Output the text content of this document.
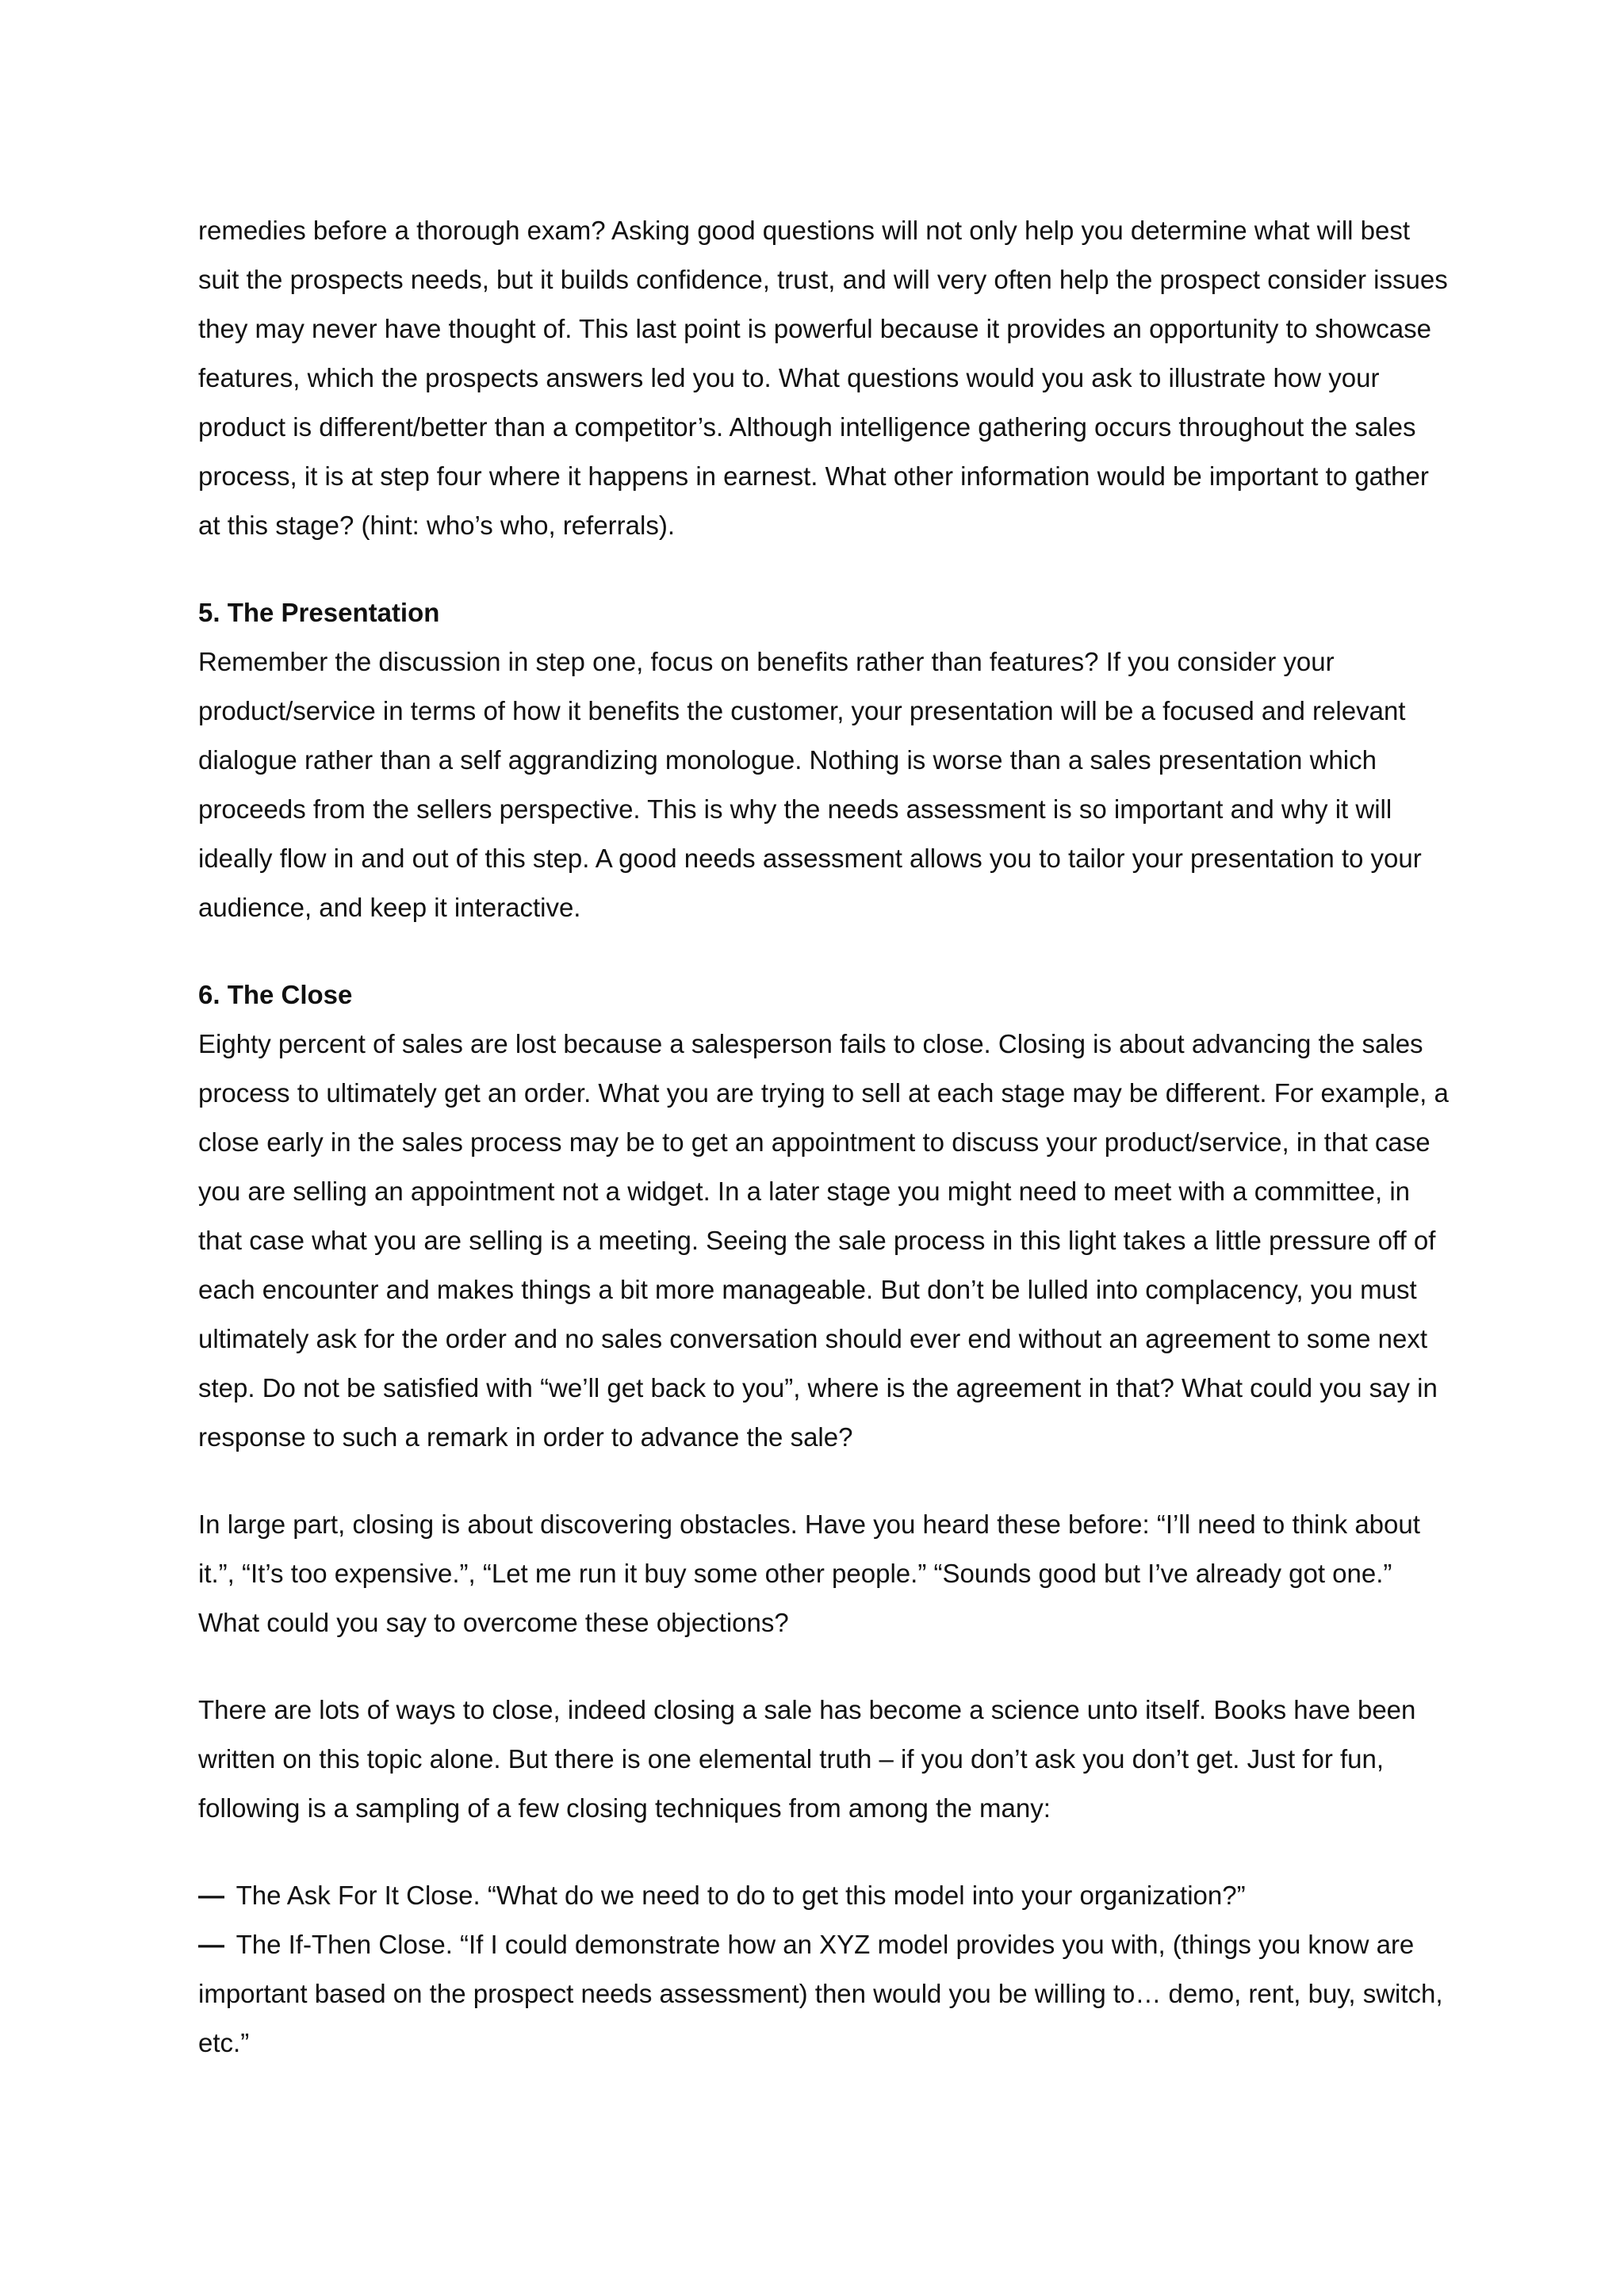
remedies before a thorough exam? Asking good questions will not only help you determine what will best suit the prospects needs, but it builds confidence, trust, and will very often help the prospect consider issues they may never have thought of. This last point is powerful because it provides an opportunity to showcase features, which the prospects answers led you to. What questions would you ask to illustrate how your product is different/better than a competitor’s. Although intelligence gathering occurs throughout the sales process, it is at step four where it happens in earnest. What other information would be important to gather at this stage? (hint: who’s who, referrals).

5. The Presentation

Remember the discussion in step one, focus on benefits rather than features? If you consider your product/service in terms of how it benefits the customer, your presentation will be a focused and relevant dialogue rather than a self aggrandizing monologue. Nothing is worse than a sales presentation which proceeds from the sellers perspective. This is why the needs assessment is so important and why it will ideally flow in and out of this step. A good needs assessment allows you to tailor your presentation to your audience, and keep it interactive.

6. The Close

Eighty percent of sales are lost because a salesperson fails to close. Closing is about advancing the sales process to ultimately get an order. What you are trying to sell at each stage may be different. For example, a close early in the sales process may be to get an appointment to discuss your product/service, in that case you are selling an appointment not a widget. In a later stage you might need to meet with a committee, in that case what you are selling is a meeting. Seeing the sale process in this light takes a little pressure off of each encounter and makes things a bit more manageable. But don’t be lulled into complacency, you must ultimately ask for the order and no sales conversation should ever end without an agreement to some next step. Do not be satisfied with “we’ll get back to you”, where is the agreement in that? What could you say in response to such a remark in order to advance the sale?

In large part, closing is about discovering obstacles. Have you heard these before: “I’ll need to think about it.”, “It’s too expensive.”, “Let me run it buy some other people.” “Sounds good but I’ve already got one.” What could you say to overcome these objections?

There are lots of ways to close, indeed closing a sale has become a science unto itself. Books have been written on this topic alone. But there is one elemental truth – if you don’t ask you don’t get. Just for fun, following is a sampling of a few closing techniques from among the many:

— The Ask For It Close. “What do we need to do to get this model into your organization?”

— The If-Then Close. “If I could demonstrate how an XYZ model provides you with, (things you know are important based on the prospect needs assessment) then would you be willing to… demo, rent, buy, switch, etc.”
